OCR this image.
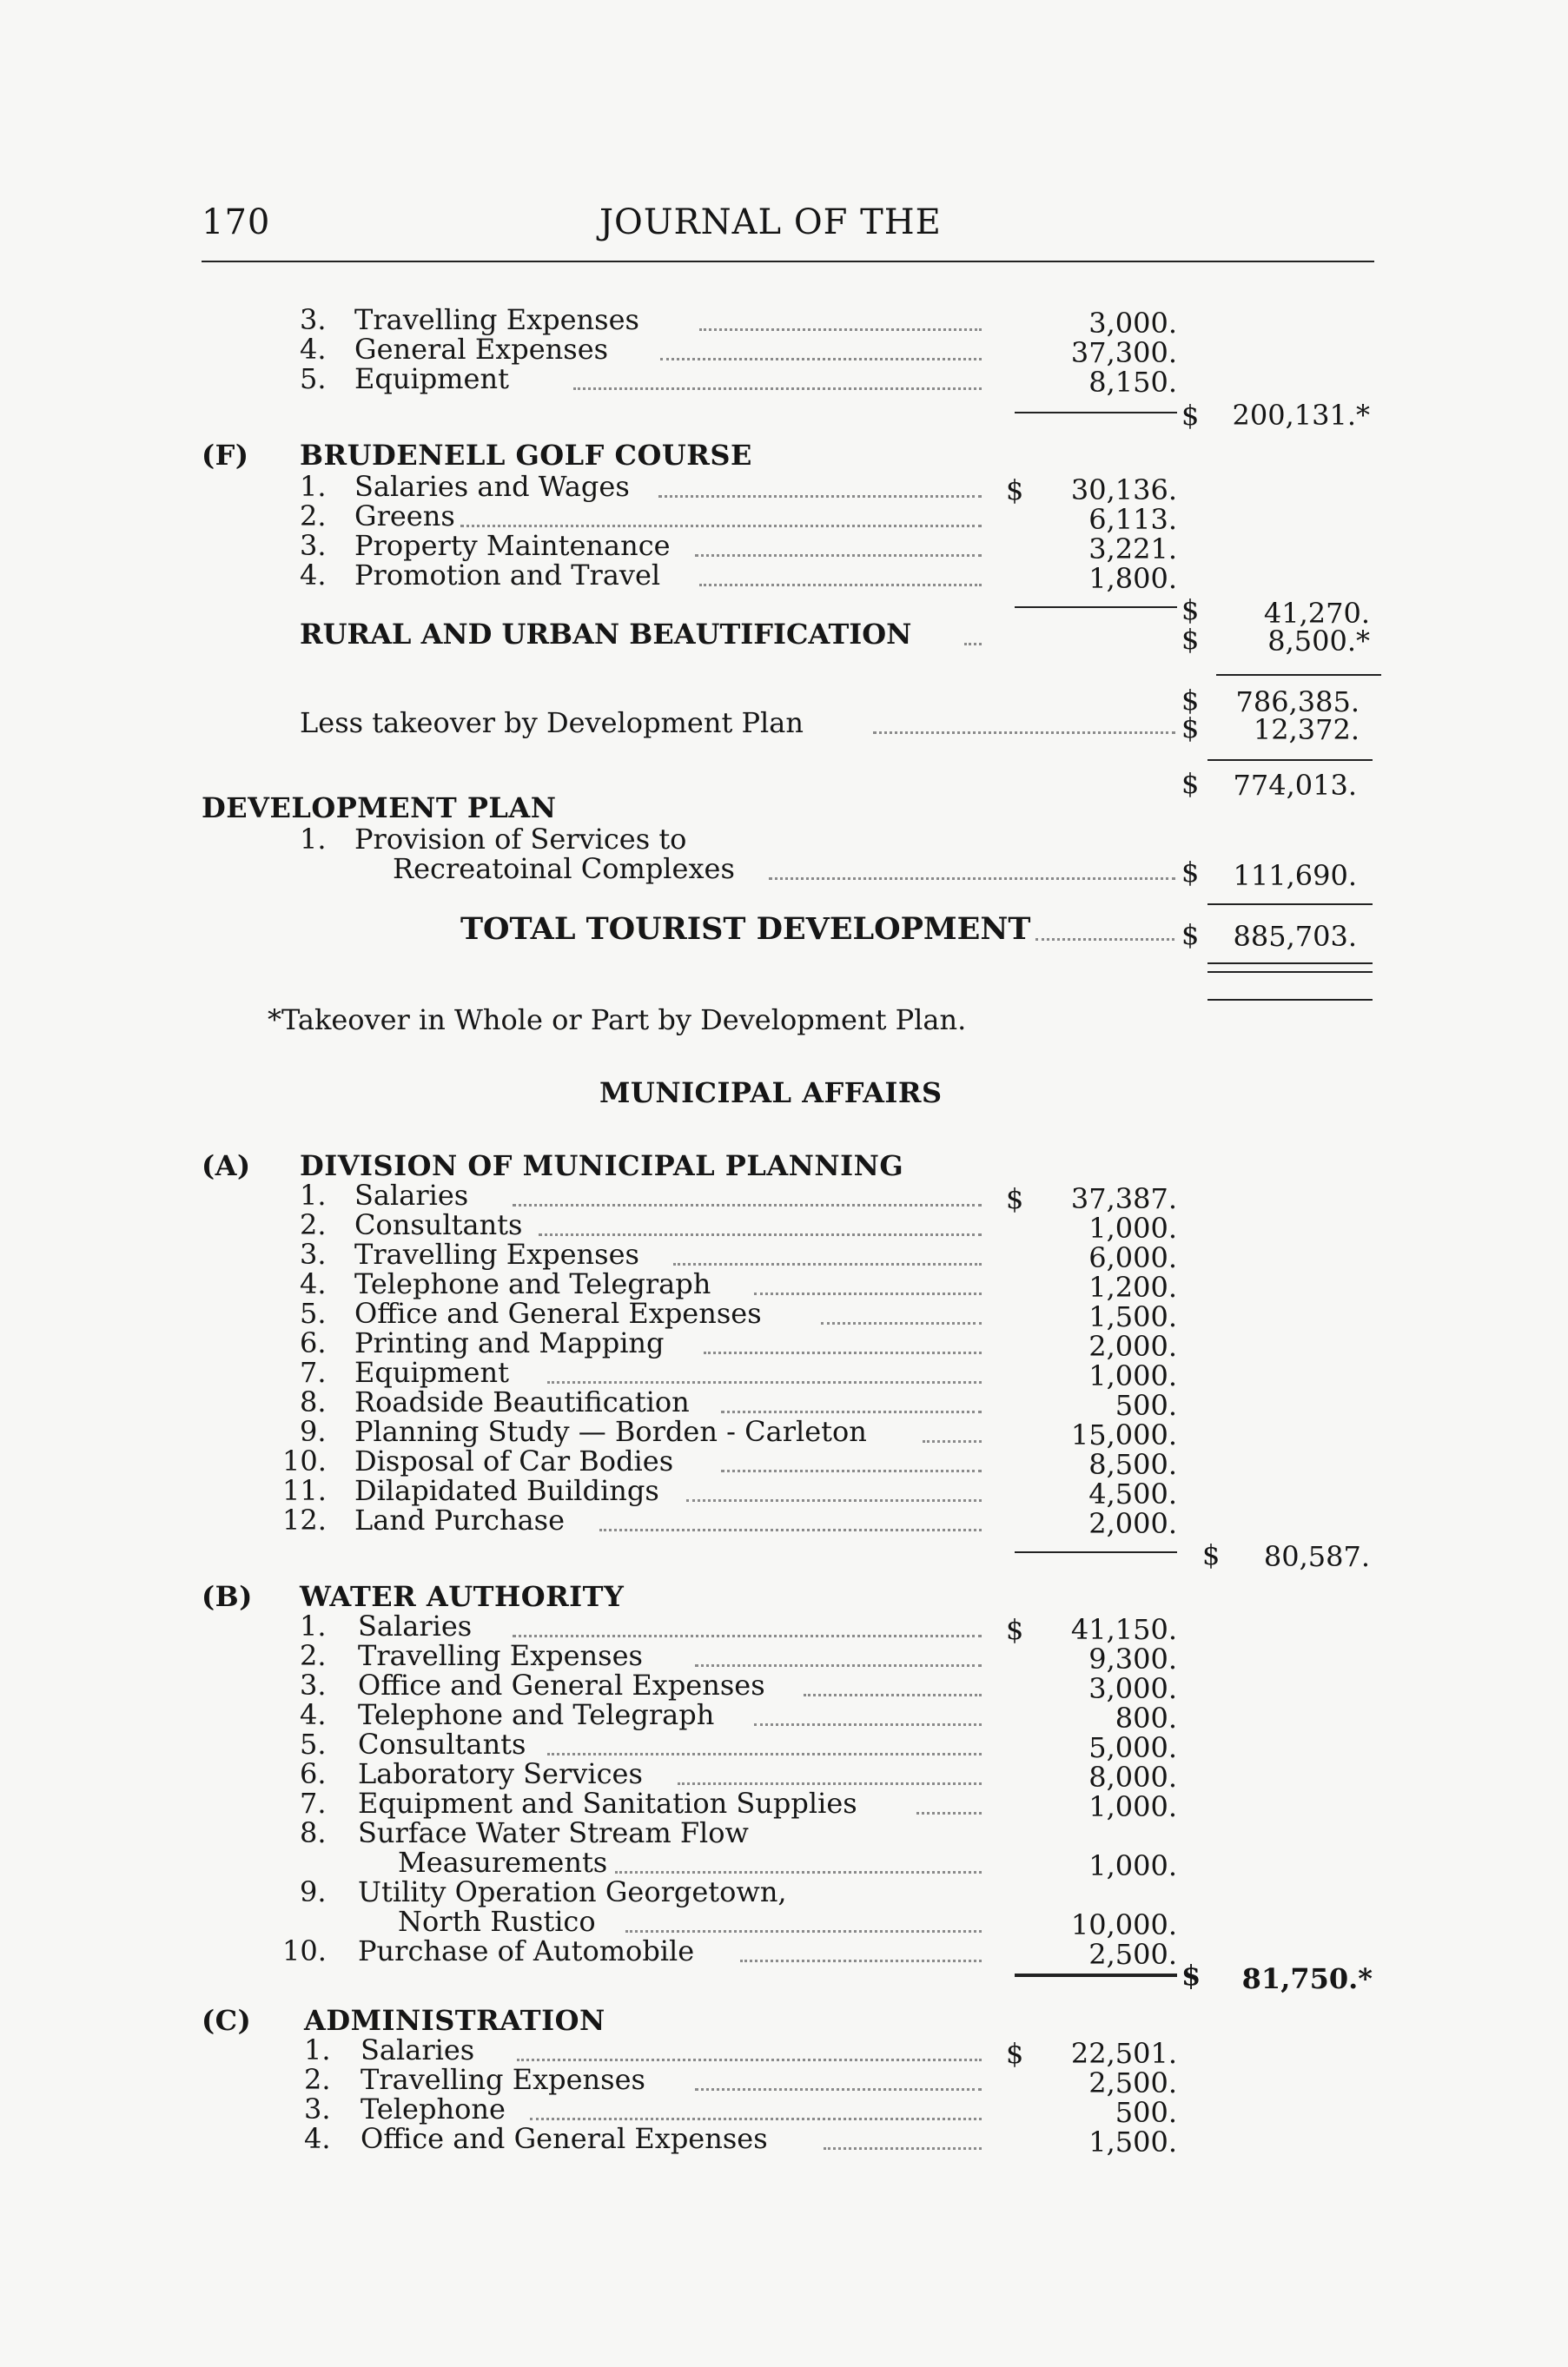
170	JOURNAL OF THE
3. Travelling Expenses	3,000.
4. General Expenses	37,300.
5. Equipment	8,150.
$ 200,131.*
(F) BRUDENELL GOLF COURSE
1. Salaries and Wages	$ 30,136.
2. Greens	6,113.
3. Property Maintenance	3,221.
4. Promotion and Travel	1,800.
$ 41,270.
RURAL AND URBAN BEAUTIFICATION	$ 8,500.*
$ 786,385.
Less takeover by Development Plan	$ 12,372.
$ 774,013.
DEVELOPMENT PLAN
1. Provision of Services to
Recreatoinal Complexes	$ 111,690.
TOTAL TOURIST DEVELOPMENT	$ 885,703.
*Takeover in Whole or Part by Development Plan.
MUNICIPAL AFFAIRS
(A) DIVISION OF MUNICIPAL PLANNING
1. Salaries	$ 37,387.
2. Consultants	1,000.
3. Travelling Expenses	6,000.
4. Telephone and Telegraph	1,200.
5. Office and General Expenses	1,500.
6. Printing and Mapping	2,000.
7. Equipment	1,000.
8. Roadside Beautification	500.
9. Planning Study — Borden - Carleton	15,000.
10. Disposal of Car Bodies	8,500.
11. Dilapidated Buildings	4,500.
12. Land Purchase	2,000.
$ 80,587.
(B) WATER AUTHORITY
1. Salaries	$ 41,150.
2. Travelling Expenses	9,300.
3. Office and General Expenses	3,000.
4. Telephone and Telegraph	800.
5. Consultants	5,000.
6. Laboratory Services	8,000.
7. Equipment and Sanitation Supplies	1,000.
8. Surface Water Stream Flow
Measurements	1,000.
9. Utility Operation Georgetown,
North Rustico	10,000.
10. Purchase of Automobile	2,500.
$ 81,750.*
(C) ADMINISTRATION
1. Salaries	$ 22,501.
2. Travelling Expenses	2,500.
3. Telephone	500.
4. Office and General Expenses	1,500.
